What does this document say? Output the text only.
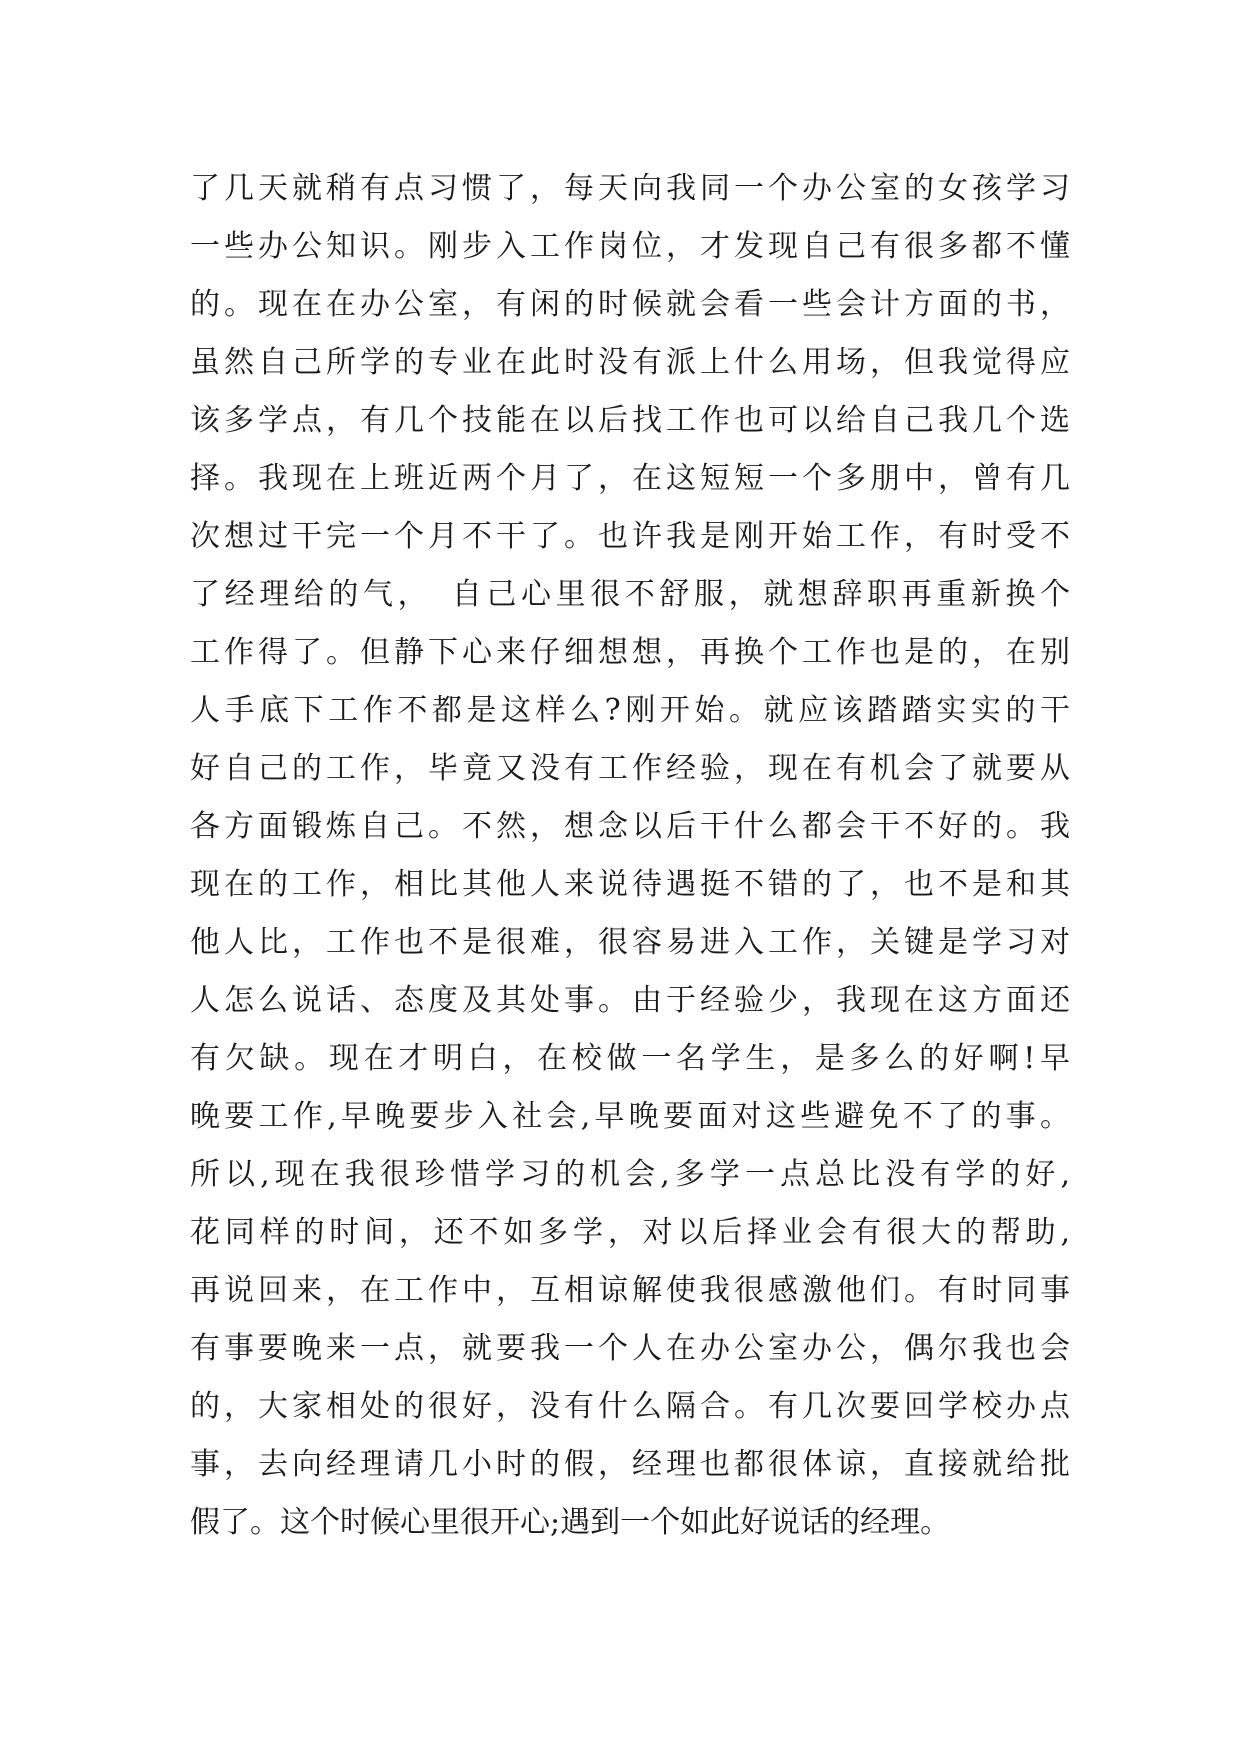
了几天就稍有点习惯了，每天向我同一个办公室的女孩学习
一些办公知识。刚步入工作岗位，才发现自己有很多都不懂
的。现在在办公室，有闲的时候就会看一些会计方面的书，
虽然自己所学的专业在此时没有派上什么用场，但我觉得应
该多学点，有几个技能在以后找工作也可以给自己我几个选
择。我现在上班近两个月了，在这短短一个多朋中，曾有几
次想过干完一个月不干了。也许我是刚开始工作，有时受不
了经理给的气，　自己心里很不舒服，就想辞职再重新换个
工作得了。但静下心来仔细想想，再换个工作也是的，在别
人手底下工作不都是这样么?刚开始。就应该踏踏实实的干
好自己的工作，毕竟又没有工作经验，现在有机会了就要从
各方面锻炼自己。不然，想念以后干什么都会干不好的。我
现在的工作，相比其他人来说待遇挺不错的了，也不是和其
他人比，工作也不是很难，很容易进入工作，关键是学习对
人怎么说话、态度及其处事。由于经验少，我现在这方面还
有欠缺。现在才明白，在校做一名学生，是多么的好啊!早
晚要工作,早晚要步入社会,早晚要面对这些避免不了的事。
所以,现在我很珍惜学习的机会,多学一点总比没有学的好,
花同样的时间，还不如多学，对以后择业会有很大的帮助,
再说回来，在工作中，互相谅解使我很感激他们。有时同事
有事要晚来一点，就要我一个人在办公室办公，偶尔我也会
的，大家相处的很好，没有什么隔合。有几次要回学校办点
事，去向经理请几小时的假，经理也都很体谅，直接就给批
假了。这个时候心里很开心;遇到一个如此好说话的经理。
